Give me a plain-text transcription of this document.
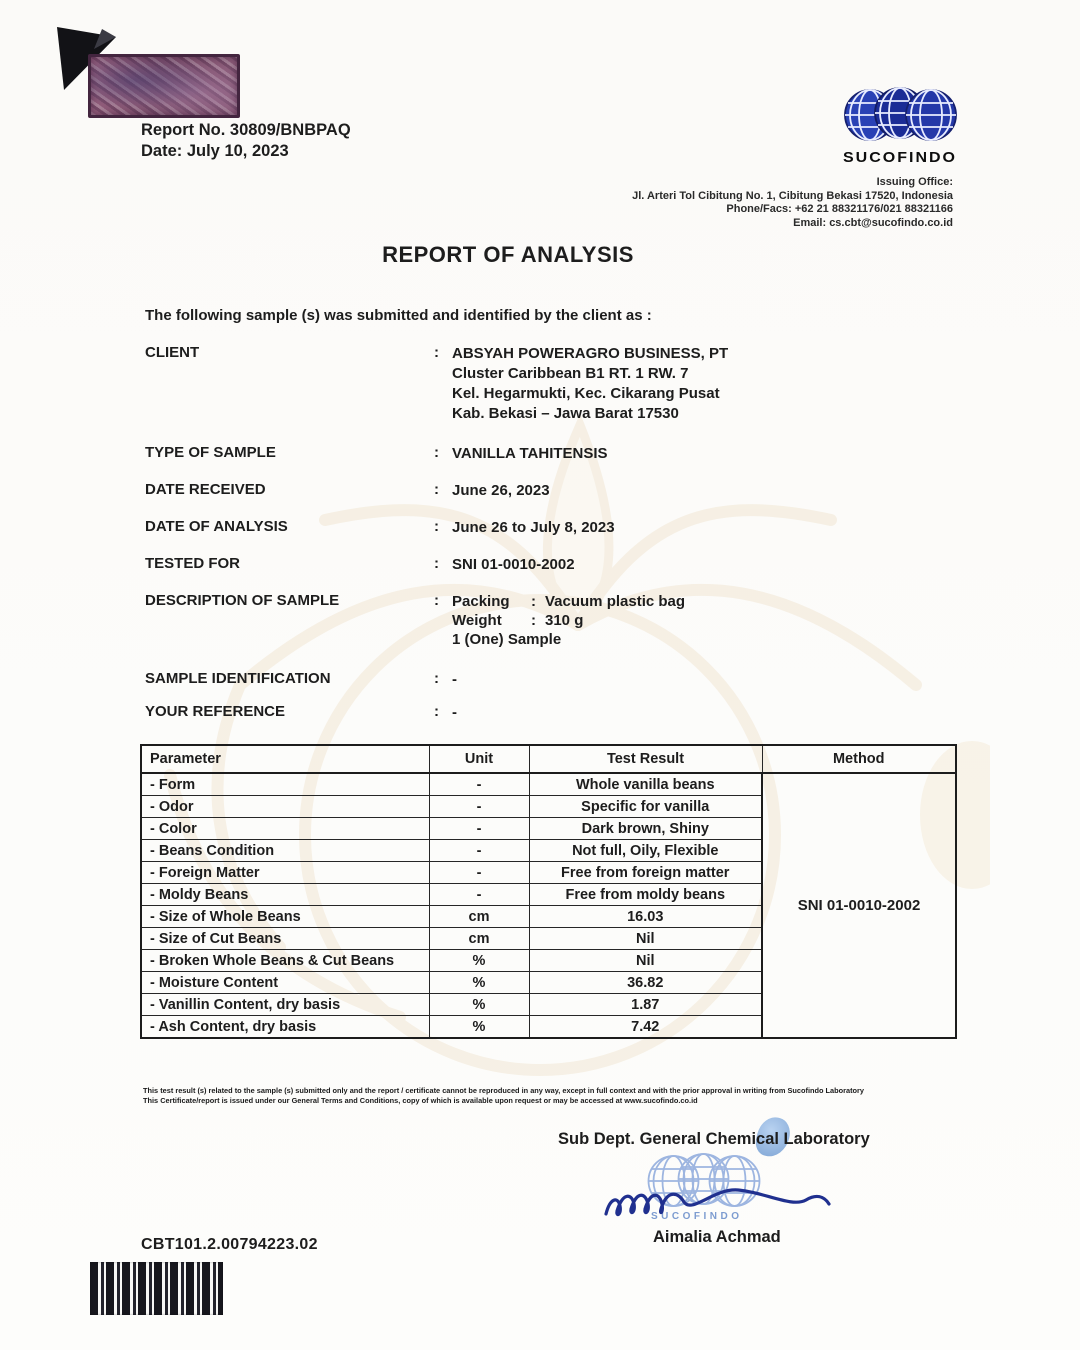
Report No. 30809/BNBPAQ
Date: July 10, 2023	SUCOFINDO
Issuing Office:
Jl. Arteri Tol Cibitung No. 1, Cibitung Bekasi 17520, Indonesia
Phone/Facs: +62 21 88321176/021 88321166
Email: cs.cbt@sucofindo.co.id
REPORT OF ANALYSIS
The following sample (s) was submitted and identified by the client as :
CLIENT	: ABSYAH POWERAGRO BUSINESS, PT
Cluster Caribbean B1 RT. 1 RW. 7
Kel. Hegarmukti, Kec. Cikarang Pusat
Kab. Bekasi – Jawa Barat 17530
TYPE OF SAMPLE	: VANILLA TAHITENSIS
DATE RECEIVED	: June 26, 2023
DATE OF ANALYSIS	: June 26 to July 8, 2023
TESTED FOR	: SNI 01-0010-2002
DESCRIPTION OF SAMPLE	: Packing : Vacuum plastic bag
Weight : 310 g
1 (One) Sample
SAMPLE IDENTIFICATION	: -
YOUR REFERENCE	: -
Parameter	Unit	Test Result	Method
- Form	-	Whole vanilla beans	SNI 01-0010-2002
- Odor	-	Specific for vanilla	
- Color	-	Dark brown, Shiny	
- Beans Condition	-	Not full, Oily, Flexible	
- Foreign Matter	-	Free from foreign matter	
- Moldy Beans	-	Free from moldy beans	
- Size of Whole Beans	cm	16.03	
- Size of Cut Beans	cm	Nil	
- Broken Whole Beans & Cut Beans	%	Nil	
- Moisture Content	%	36.82	
- Vanillin Content, dry basis	%	1.87	
- Ash Content, dry basis	%	7.42	
This test result (s) related to the sample (s) submitted only and the report / certificate cannot be reproduced in any way, except in full context and with the prior approval in writing from Sucofindo Laboratory
This Certificate/report is issued under our General Terms and Conditions, copy of which is available upon request or may be accessed at www.sucofindo.co.id
Sub Dept. General Chemical Laboratory
SUCOFINDO
Aimalia Achmad
CBT101.2.00794223.02
